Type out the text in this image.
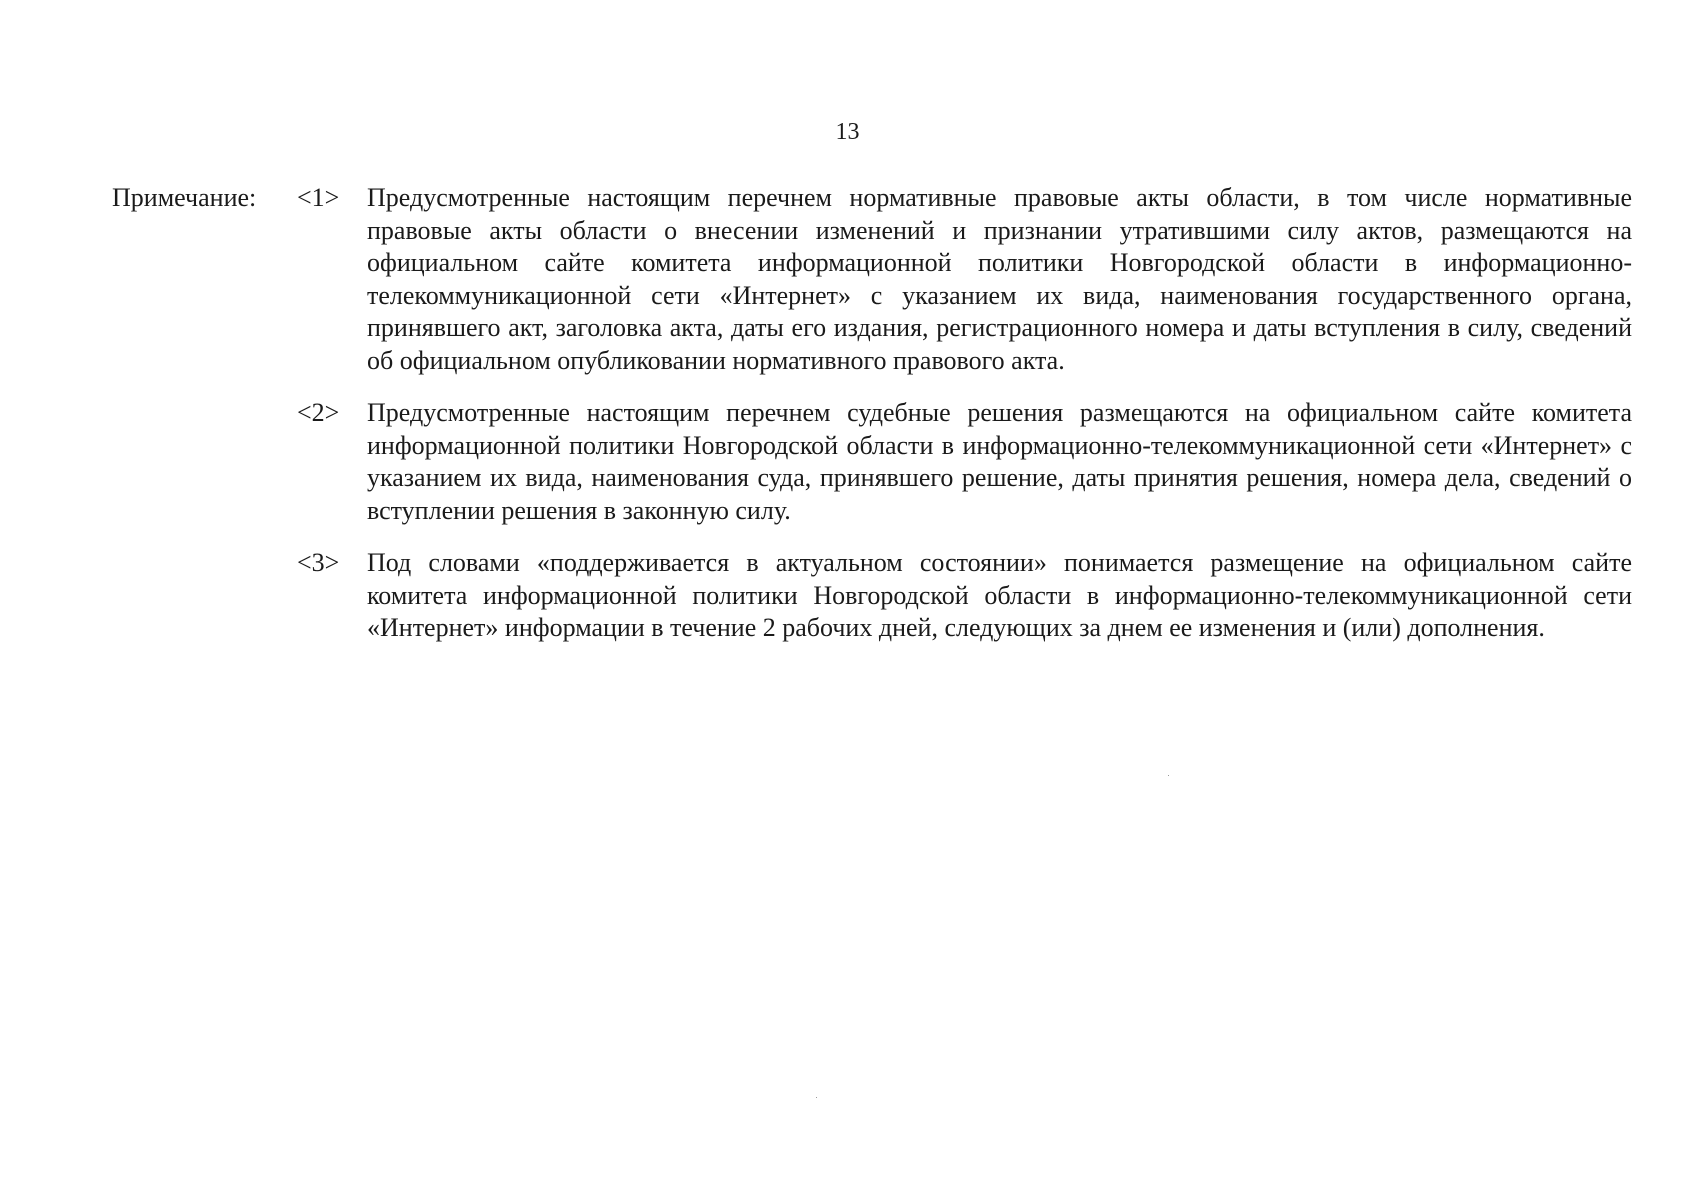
13
Примечание: <1>	Предусмотренные настоящим перечнем нормативные правовые акты области, в том числе нормативные правовые акты области о внесении изменений и признании утратившими силу актов, размещаются на официальном сайте комитета информационной политики Новгородской области в информационно-телекоммуникационной сети «Интернет» с указанием их вида, наименования государственного органа, принявшего акт, заголовка акта, даты его издания, регистрационного номера и даты вступления в силу, сведений об официальном опубликовании нормативного правового акта.
<2>	Предусмотренные настоящим перечнем судебные решения размещаются на официальном сайте комитета информационной политики Новгородской области в информационно-телекоммуникационной сети «Интернет» с указанием их вида, наименования суда, принявшего решение, даты принятия решения, номера дела, сведений о вступлении решения в законную силу.
<3>	Под словами «поддерживается в актуальном состоянии» понимается размещение на официальном сайте комитета информационной политики Новгородской области в информационно-телекоммуникационной сети «Интернет» информации в течение 2 рабочих дней, следующих за днем ее изменения и (или) дополнения.
